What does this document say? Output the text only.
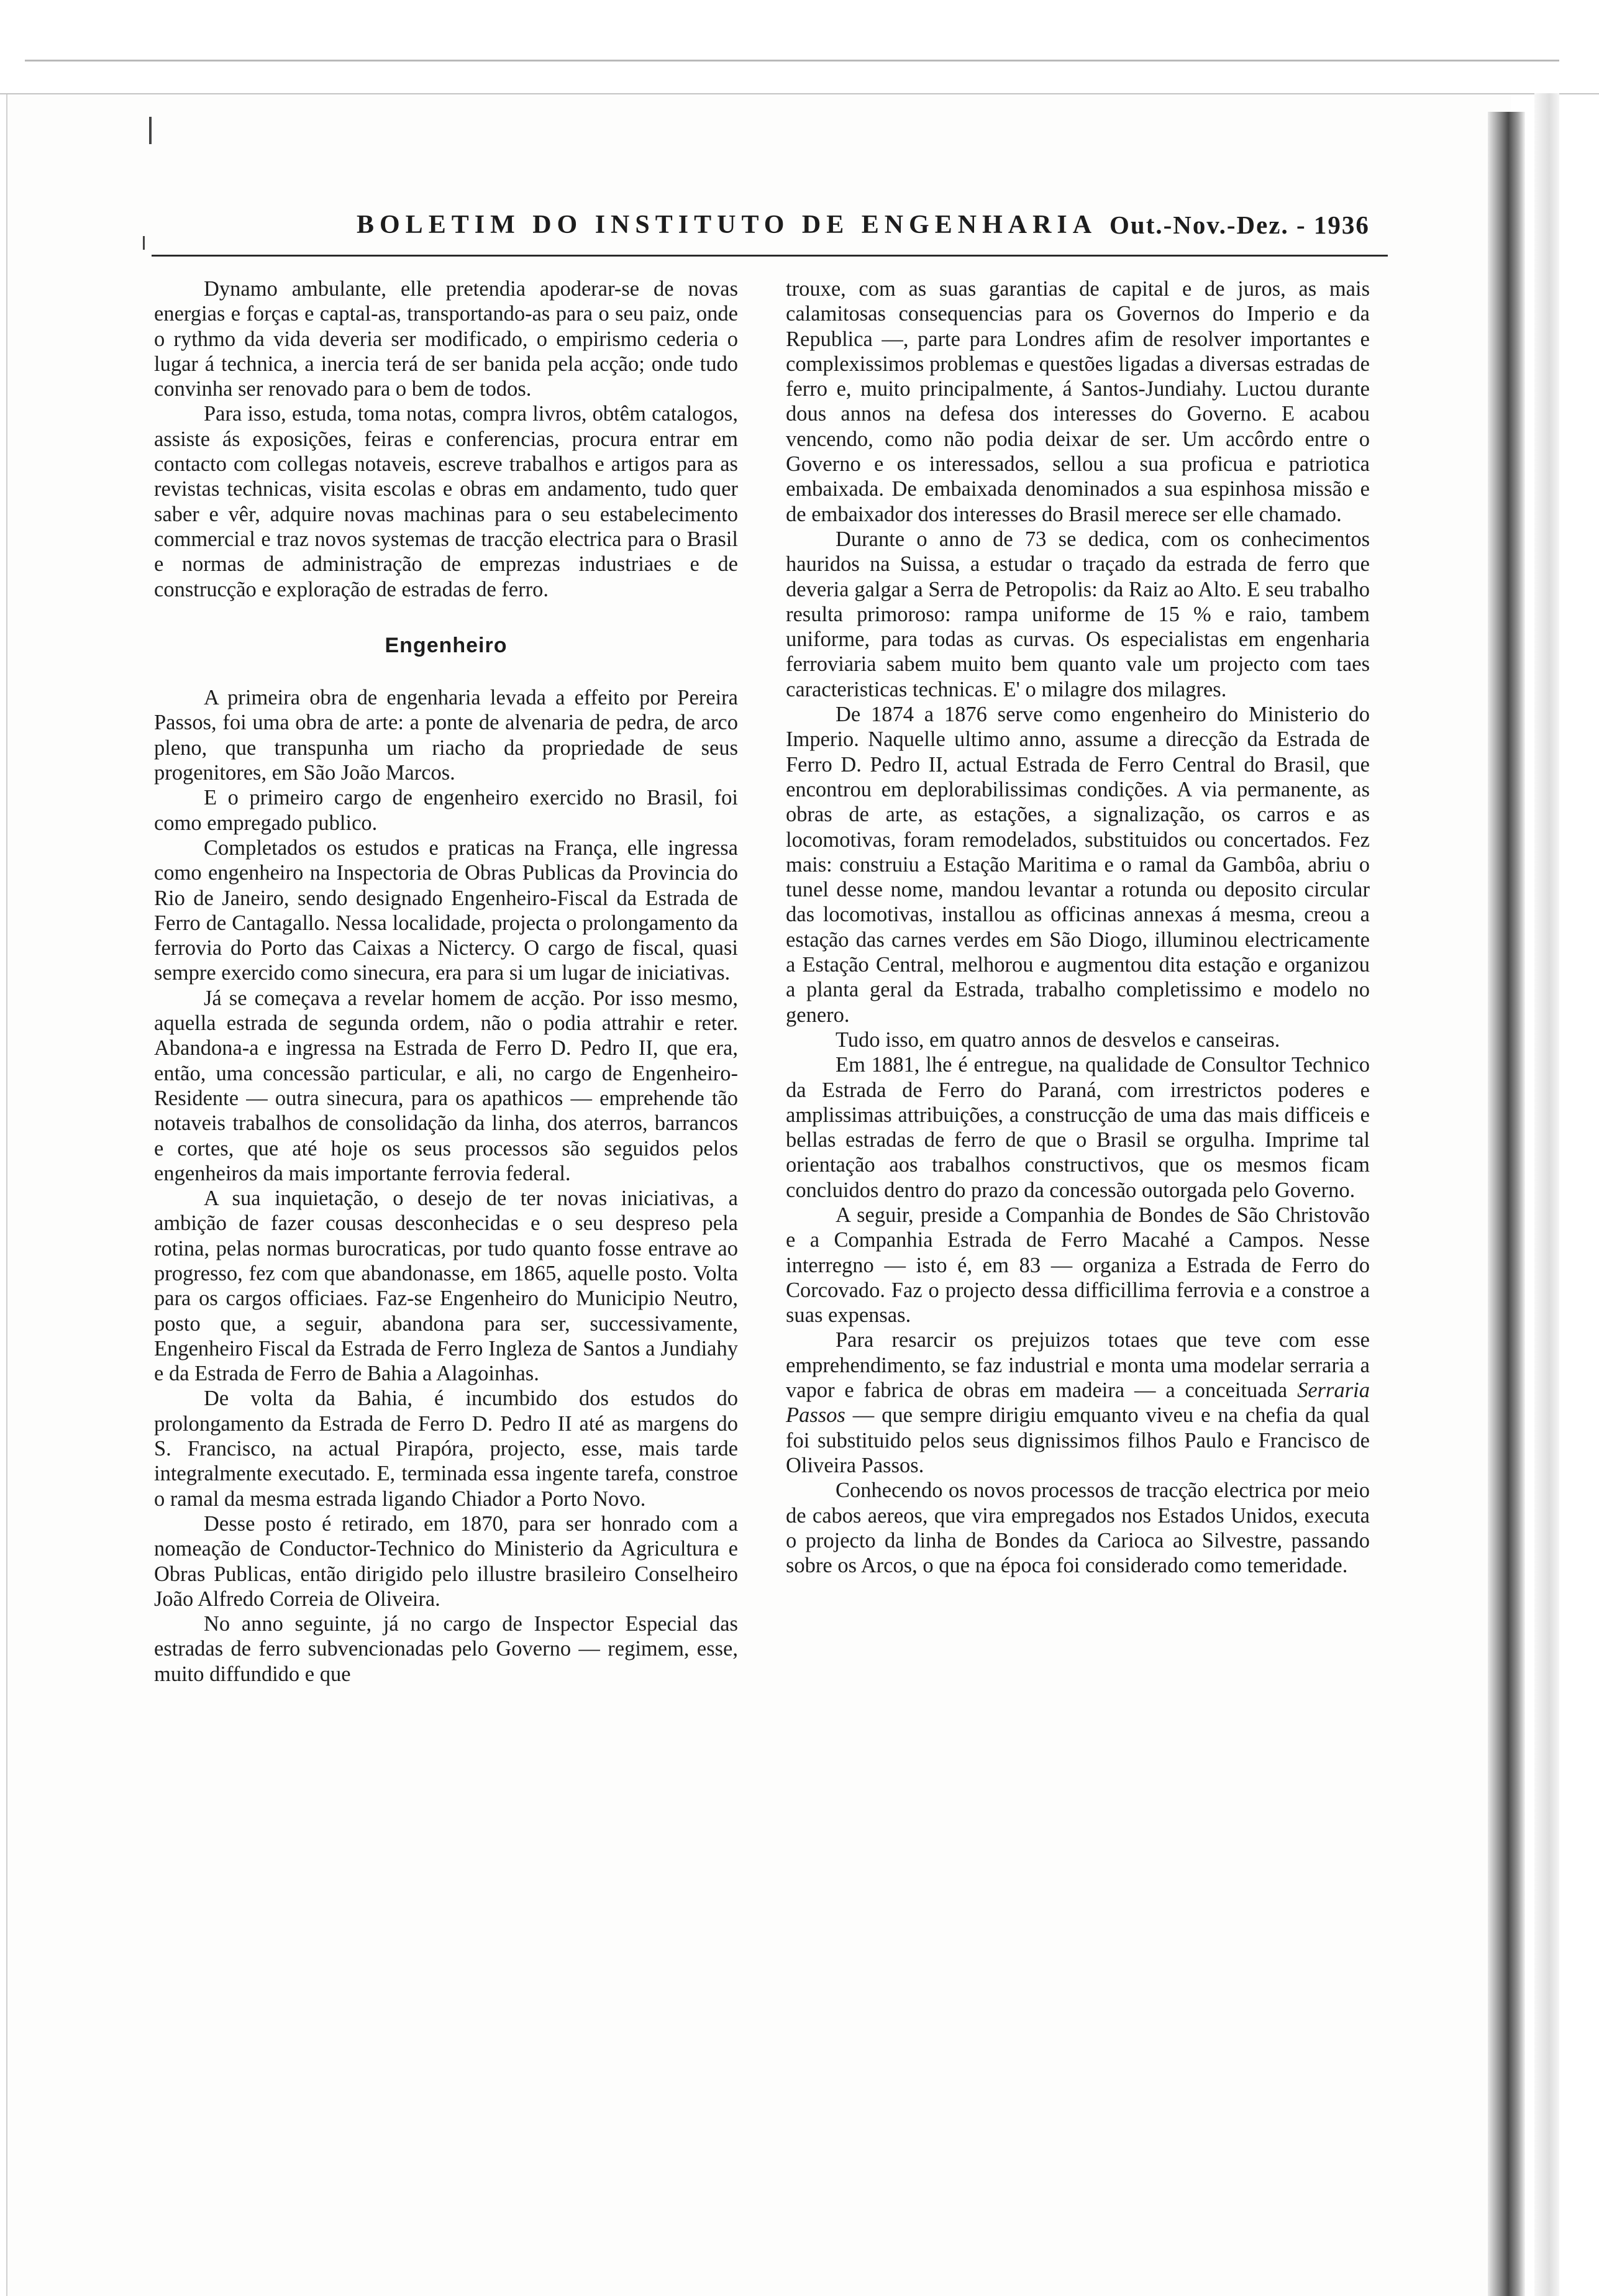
BOLETIM DO INSTITUTO DE ENGENHARIA Out.-Nov.-Dez. - 1936

Dynamo ambulante, elle pretendia apoderar-se de novas energias e forças e captal-as, transportando-as para o seu paiz, onde o rythmo da vida deveria ser modificado, o empirismo cederia o lugar á technica, a inercia terá de ser banida pela acção; onde tudo convinha ser renovado para o bem de todos.

Para isso, estuda, toma notas, compra livros, obtêm catalogos, assiste ás exposições, feiras e conferencias, procura entrar em contacto com collegas notaveis, escreve trabalhos e artigos para as revistas technicas, visita escolas e obras em andamento, tudo quer saber e vêr, adquire novas machinas para o seu estabelecimento commercial e traz novos systemas de tracção electrica para o Brasil e normas de administração de emprezas industriaes e de construcção e exploração de estradas de ferro.

Engenheiro

A primeira obra de engenharia levada a effeito por Pereira Passos, foi uma obra de arte: a ponte de alvenaria de pedra, de arco pleno, que transpunha um riacho da propriedade de seus progenitores, em São João Marcos.

E o primeiro cargo de engenheiro exercido no Brasil, foi como empregado publico.

Completados os estudos e praticas na França, elle ingressa como engenheiro na Inspectoria de Obras Publicas da Provincia do Rio de Janeiro, sendo designado Engenheiro-Fiscal da Estrada de Ferro de Cantagallo. Nessa localidade, projecta o prolongamento da ferrovia do Porto das Caixas a Nictercy. O cargo de fiscal, quasi sempre exercido como sinecura, era para si um lugar de iniciativas.

Já se começava a revelar homem de acção. Por isso mesmo, aquella estrada de segunda ordem, não o podia attrahir e reter. Abandona-a e ingressa na Estrada de Ferro D. Pedro II, que era, então, uma concessão particular, e ali, no cargo de Engenheiro-Residente — outra sinecura, para os apathicos — emprehende tão notaveis trabalhos de consolidação da linha, dos aterros, barrancos e cortes, que até hoje os seus processos são seguidos pelos engenheiros da mais importante ferrovia federal.

A sua inquietação, o desejo de ter novas iniciativas, a ambição de fazer cousas desconhecidas e o seu despreso pela rotina, pelas normas burocraticas, por tudo quanto fosse entrave ao progresso, fez com que abandonasse, em 1865, aquelle posto. Volta para os cargos officiaes. Faz-se Engenheiro do Municipio Neutro, posto que, a seguir, abandona para ser, successivamente, Engenheiro Fiscal da Estrada de Ferro Ingleza de Santos a Jundiahy e da Estrada de Ferro de Bahia a Alagoinhas.

De volta da Bahia, é incumbido dos estudos do prolongamento da Estrada de Ferro D. Pedro II até as margens do S. Francisco, na actual Pirapóra, projecto, esse, mais tarde integralmente executado. E, terminada essa ingente tarefa, constroe o ramal da mesma estrada ligando Chiador a Porto Novo.

Desse posto é retirado, em 1870, para ser honrado com a nomeação de Conductor-Technico do Ministerio da Agricultura e Obras Publicas, então dirigido pelo illustre brasileiro Conselheiro João Alfredo Correia de Oliveira.

No anno seguinte, já no cargo de Inspector Especial das estradas de ferro subvencionadas pelo Governo — regimem, esse, muito diffundido e que

trouxe, com as suas garantias de capital e de juros, as mais calamitosas consequencias para os Governos do Imperio e da Republica —, parte para Londres afim de resolver importantes e complexissimos problemas e questões ligadas a diversas estradas de ferro e, muito principalmente, á Santos-Jundiahy. Luctou durante dous annos na defesa dos interesses do Governo. E acabou vencendo, como não podia deixar de ser. Um accôrdo entre o Governo e os interessados, sellou a sua proficua e patriotica embaixada. De embaixada denominados a sua espinhosa missão e de embaixador dos interesses do Brasil merece ser elle chamado.

Durante o anno de 73 se dedica, com os conhecimentos hauridos na Suissa, a estudar o traçado da estrada de ferro que deveria galgar a Serra de Petropolis: da Raiz ao Alto. E seu trabalho resulta primoroso: rampa uniforme de 15 % e raio, tambem uniforme, para todas as curvas. Os especialistas em engenharia ferroviaria sabem muito bem quanto vale um projecto com taes caracteristicas technicas. E' o milagre dos milagres.

De 1874 a 1876 serve como engenheiro do Ministerio do Imperio. Naquelle ultimo anno, assume a direcção da Estrada de Ferro D. Pedro II, actual Estrada de Ferro Central do Brasil, que encontrou em deplorabilissimas condições. A via permanente, as obras de arte, as estações, a signalização, os carros e as locomotivas, foram remodelados, substituidos ou concertados. Fez mais: construiu a Estação Maritima e o ramal da Gambôa, abriu o tunel desse nome, mandou levantar a rotunda ou deposito circular das locomotivas, installou as officinas annexas á mesma, creou a estação das carnes verdes em São Diogo, illuminou electricamente a Estação Central, melhorou e augmentou dita estação e organizou a planta geral da Estrada, trabalho completissimo e modelo no genero.

Tudo isso, em quatro annos de desvelos e canseiras.

Em 1881, lhe é entregue, na qualidade de Consultor Technico da Estrada de Ferro do Paraná, com irrestrictos poderes e amplissimas attribuições, a construcção de uma das mais difficeis e bellas estradas de ferro de que o Brasil se orgulha. Imprime tal orientação aos trabalhos constructivos, que os mesmos ficam concluidos dentro do prazo da concessão outorgada pelo Governo.

A seguir, preside a Companhia de Bondes de São Christovão e a Companhia Estrada de Ferro Macahé a Campos. Nesse interregno — isto é, em 83 — organiza a Estrada de Ferro do Corcovado. Faz o projecto dessa difficillima ferrovia e a constroe a suas expensas.

Para resarcir os prejuizos totaes que teve com esse emprehendimento, se faz industrial e monta uma modelar serraria a vapor e fabrica de obras em madeira — a conceituada Serraria Passos — que sempre dirigiu emquanto viveu e na chefia da qual foi substituido pelos seus dignissimos filhos Paulo e Francisco de Oliveira Passos.

Conhecendo os novos processos de tracção electrica por meio de cabos aereos, que vira empregados nos Estados Unidos, executa o projecto da linha de Bondes da Carioca ao Silvestre, passando sobre os Arcos, o que na época foi considerado como temeridade.
